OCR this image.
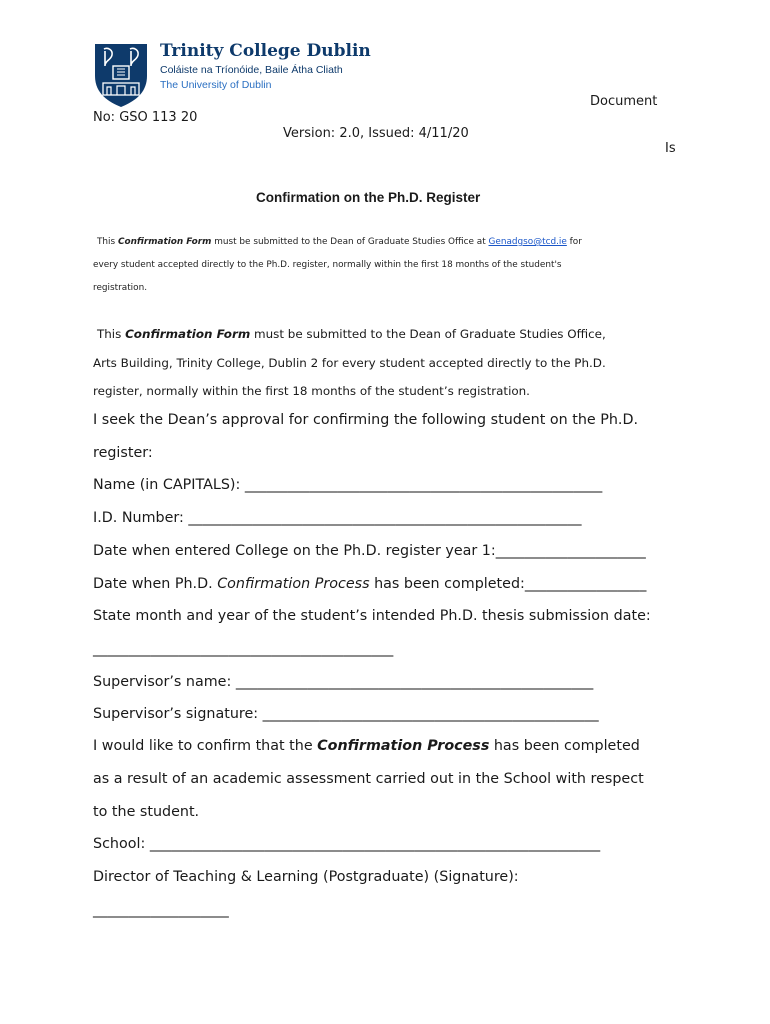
Trinity College Dublin
Coláiste na Tríonóide, Baile Átha Cliath
The University of Dublin
Document
No: GSO 113 20
Version: 2.0, Issued: 4/11/20
Is
Confirmation on the Ph.D. Register
This Confirmation Form must be submitted to the Dean of Graduate Studies Office at Genadgso@tcd.ie for
every student accepted directly to the Ph.D. register, normally within the first 18 months of the student's
registration.
This Confirmation Form must be submitted to the Dean of Graduate Studies Office,
Arts Building, Trinity College, Dublin 2 for every student accepted directly to the Ph.D.
register, normally within the first 18 months of the student’s registration.
I seek the Dean’s approval for confirming the following student on the Ph.D.
register:
Name (in CAPITALS): __________________________________________________
I.D. Number: _______________________________________________________
Date when entered College on the Ph.D. register year 1:_____________________
Date when Ph.D. Confirmation Process has been completed:_________________
State month and year of the student’s intended Ph.D. thesis submission date:
__________________________________________
Supervisor’s name: __________________________________________________
Supervisor’s signature: _______________________________________________
I would like to confirm that the Confirmation Process has been completed
as a result of an academic assessment carried out in the School with respect
to the student.
School: _______________________________________________________________
Director of Teaching & Learning (Postgraduate) (Signature):
___________________
